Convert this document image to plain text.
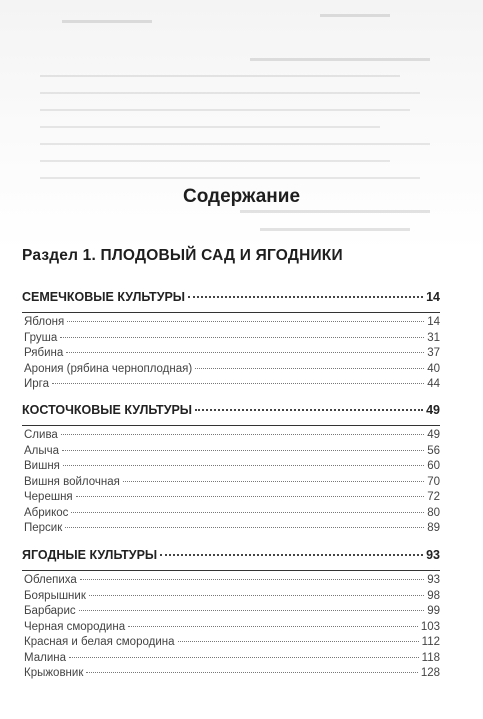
Содержание
Раздел 1. ПЛОДОВЫЙ САД И ЯГОДНИКИ
СЕМЕЧКОВЫЕ КУЛЬТУРЫ	14
Яблоня	14
Груша	31
Рябина	37
Арония (рябина черноплодная)	40
Ирга	44
КОСТОЧКОВЫЕ КУЛЬТУРЫ	49
Слива	49
Алыча	56
Вишня	60
Вишня войлочная	70
Черешня	72
Абрикос	80
Персик	89
ЯГОДНЫЕ КУЛЬТУРЫ	93
Облепиха	93
Боярышник	98
Барбарис	99
Черная смородина	103
Красная и белая смородина	112
Малина	118
Крыжовник	128
